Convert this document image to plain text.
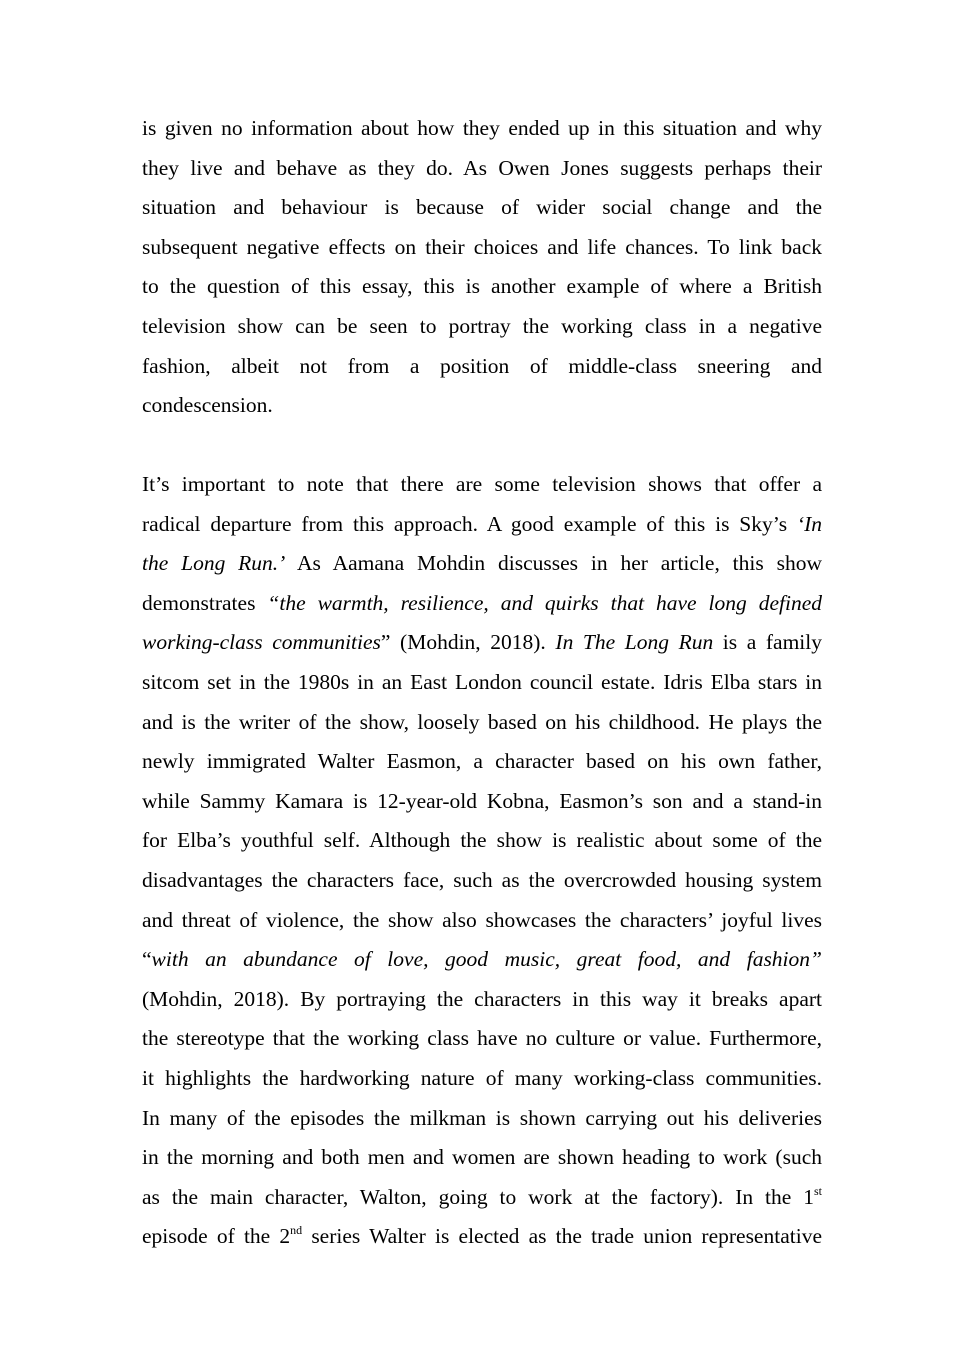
is given no information about how they ended up in this situation and why
they live and behave as they do. As Owen Jones suggests perhaps their
situation and behaviour is because of wider social change and the
subsequent negative effects on their choices and life chances. To link back
to the question of this essay, this is another example of where a British
television show can be seen to portray the working class in a negative
fashion, albeit not from a position of middle-class sneering and
condescension.
It’s important to note that there are some television shows that offer a
radical departure from this approach. A good example of this is Sky’s ‘In
the Long Run.’ As Aamana Mohdin discusses in her article, this show
demonstrates “the warmth, resilience, and quirks that have long defined
working-class communities” (Mohdin, 2018). In The Long Run is a family
sitcom set in the 1980s in an East London council estate. Idris Elba stars in
and is the writer of the show, loosely based on his childhood. He plays the
newly immigrated Walter Easmon, a character based on his own father,
while Sammy Kamara is 12-year-old Kobna, Easmon’s son and a stand-in
for Elba’s youthful self. Although the show is realistic about some of the
disadvantages the characters face, such as the overcrowded housing system
and threat of violence, the show also showcases the characters’ joyful lives
“with an abundance of love, good music, great food, and fashion”
(Mohdin, 2018). By portraying the characters in this way it breaks apart
the stereotype that the working class have no culture or value. Furthermore,
it highlights the hardworking nature of many working-class communities.
In many of the episodes the milkman is shown carrying out his deliveries
in the morning and both men and women are shown heading to work (such
as the main character, Walton, going to work at the factory). In the 1st
episode of the 2nd series Walter is elected as the trade union representative
